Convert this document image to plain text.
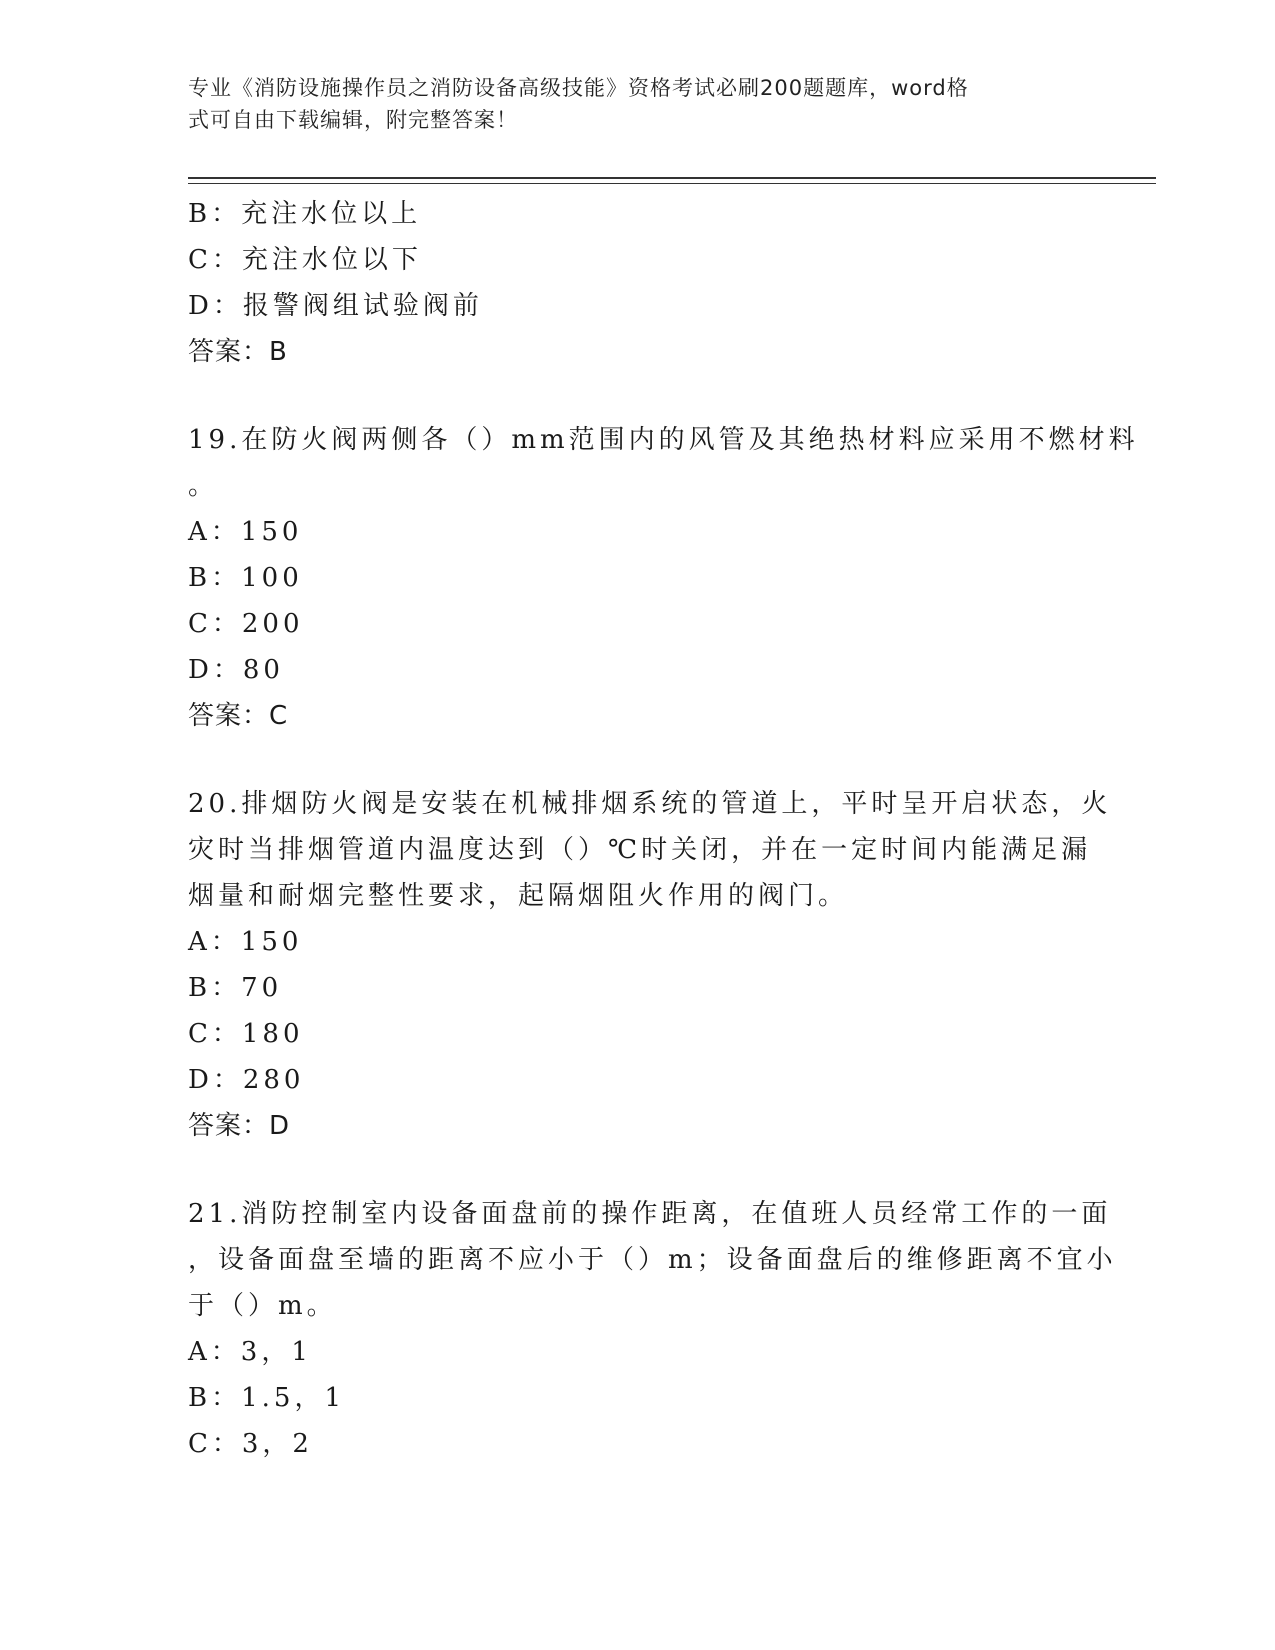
专业《消防设施操作员之消防设备高级技能》资格考试必刷200题题库，word格
式可自由下载编辑，附完整答案！
B：充注水位以上
C：充注水位以下
D：报警阀组试验阀前
答案：B
19.在防火阀两侧各（）mm范围内的风管及其绝热材料应采用不燃材料
。
A：150
B：100
C：200
D：80
答案：C
20.排烟防火阀是安装在机械排烟系统的管道上，平时呈开启状态，火
灾时当排烟管道内温度达到（）℃时关闭，并在一定时间内能满足漏
烟量和耐烟完整性要求，起隔烟阻火作用的阀门。
A：150
B：70
C：180
D：280
答案：D
21.消防控制室内设备面盘前的操作距离，在值班人员经常工作的一面
，设备面盘至墙的距离不应小于（）m；设备面盘后的维修距离不宜小
于（）m。
A：3，1
B：1.5，1
C：3，2
